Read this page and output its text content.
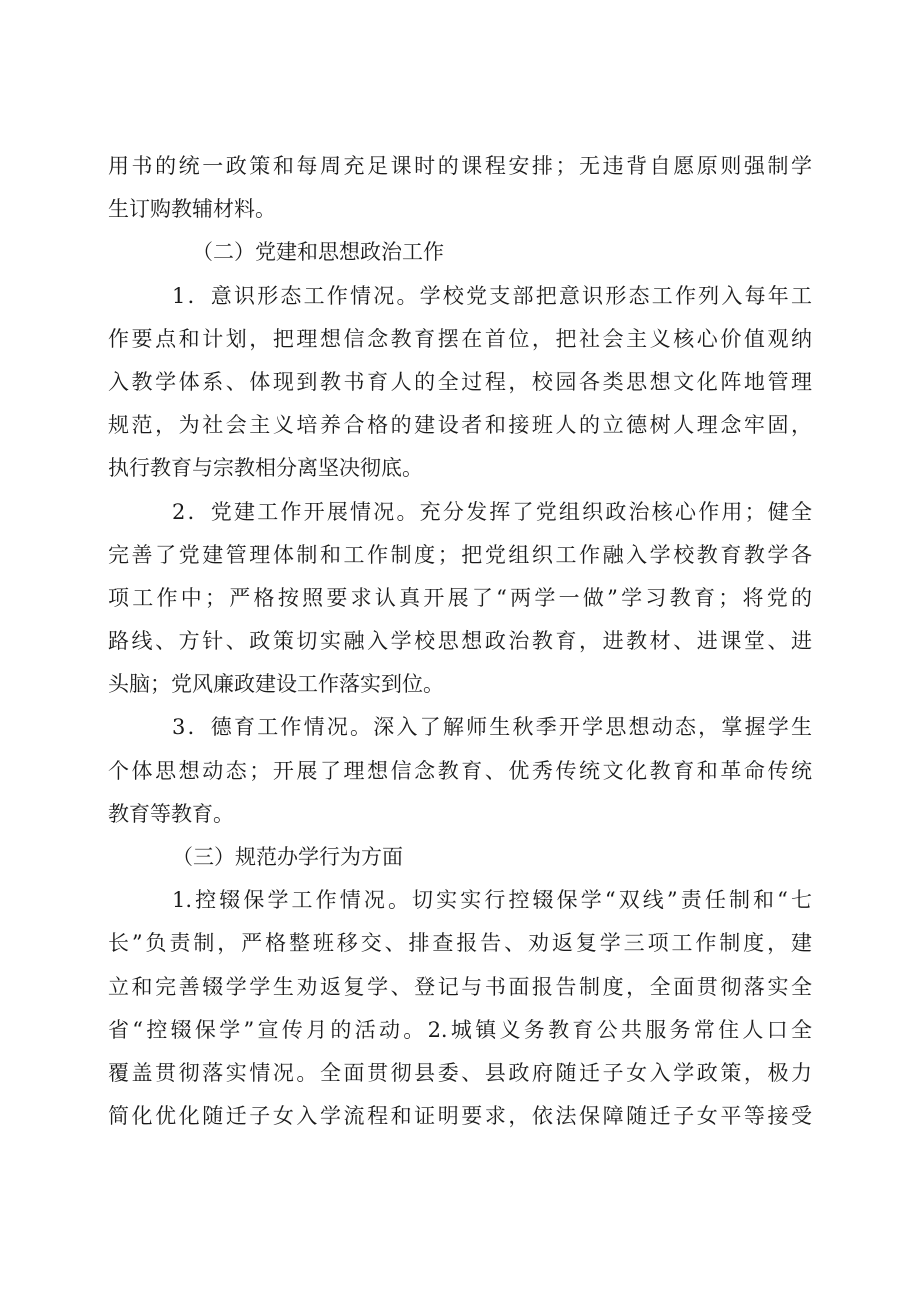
用书的统一政策和每周充足课时的课程安排；无违背自愿原则强制学
生订购教辅材料。
（二）党建和思想政治工作
1．意识形态工作情况。学校党支部把意识形态工作列入每年工
作要点和计划，把理想信念教育摆在首位，把社会主义核心价值观纳
入教学体系、体现到教书育人的全过程，校园各类思想文化阵地管理
规范，为社会主义培养合格的建设者和接班人的立德树人理念牢固，
执行教育与宗教相分离坚决彻底。
2．党建工作开展情况。充分发挥了党组织政治核心作用；健全
完善了党建管理体制和工作制度；把党组织工作融入学校教育教学各
项工作中；严格按照要求认真开展了“两学一做”学习教育；将党的
路线、方针、政策切实融入学校思想政治教育，进教材、进课堂、进
头脑；党风廉政建设工作落实到位。
3．德育工作情况。深入了解师生秋季开学思想动态，掌握学生
个体思想动态；开展了理想信念教育、优秀传统文化教育和革命传统
教育等教育。
（三）规范办学行为方面
1.控辍保学工作情况。切实实行控辍保学“双线”责任制和“七
长”负责制，严格整班移交、排查报告、劝返复学三项工作制度，建
立和完善辍学学生劝返复学、登记与书面报告制度，全面贯彻落实全
省“控辍保学”宣传月的活动。2.城镇义务教育公共服务常住人口全
覆盖贯彻落实情况。全面贯彻县委、县政府随迁子女入学政策，极力
简化优化随迁子女入学流程和证明要求，依法保障随迁子女平等接受
